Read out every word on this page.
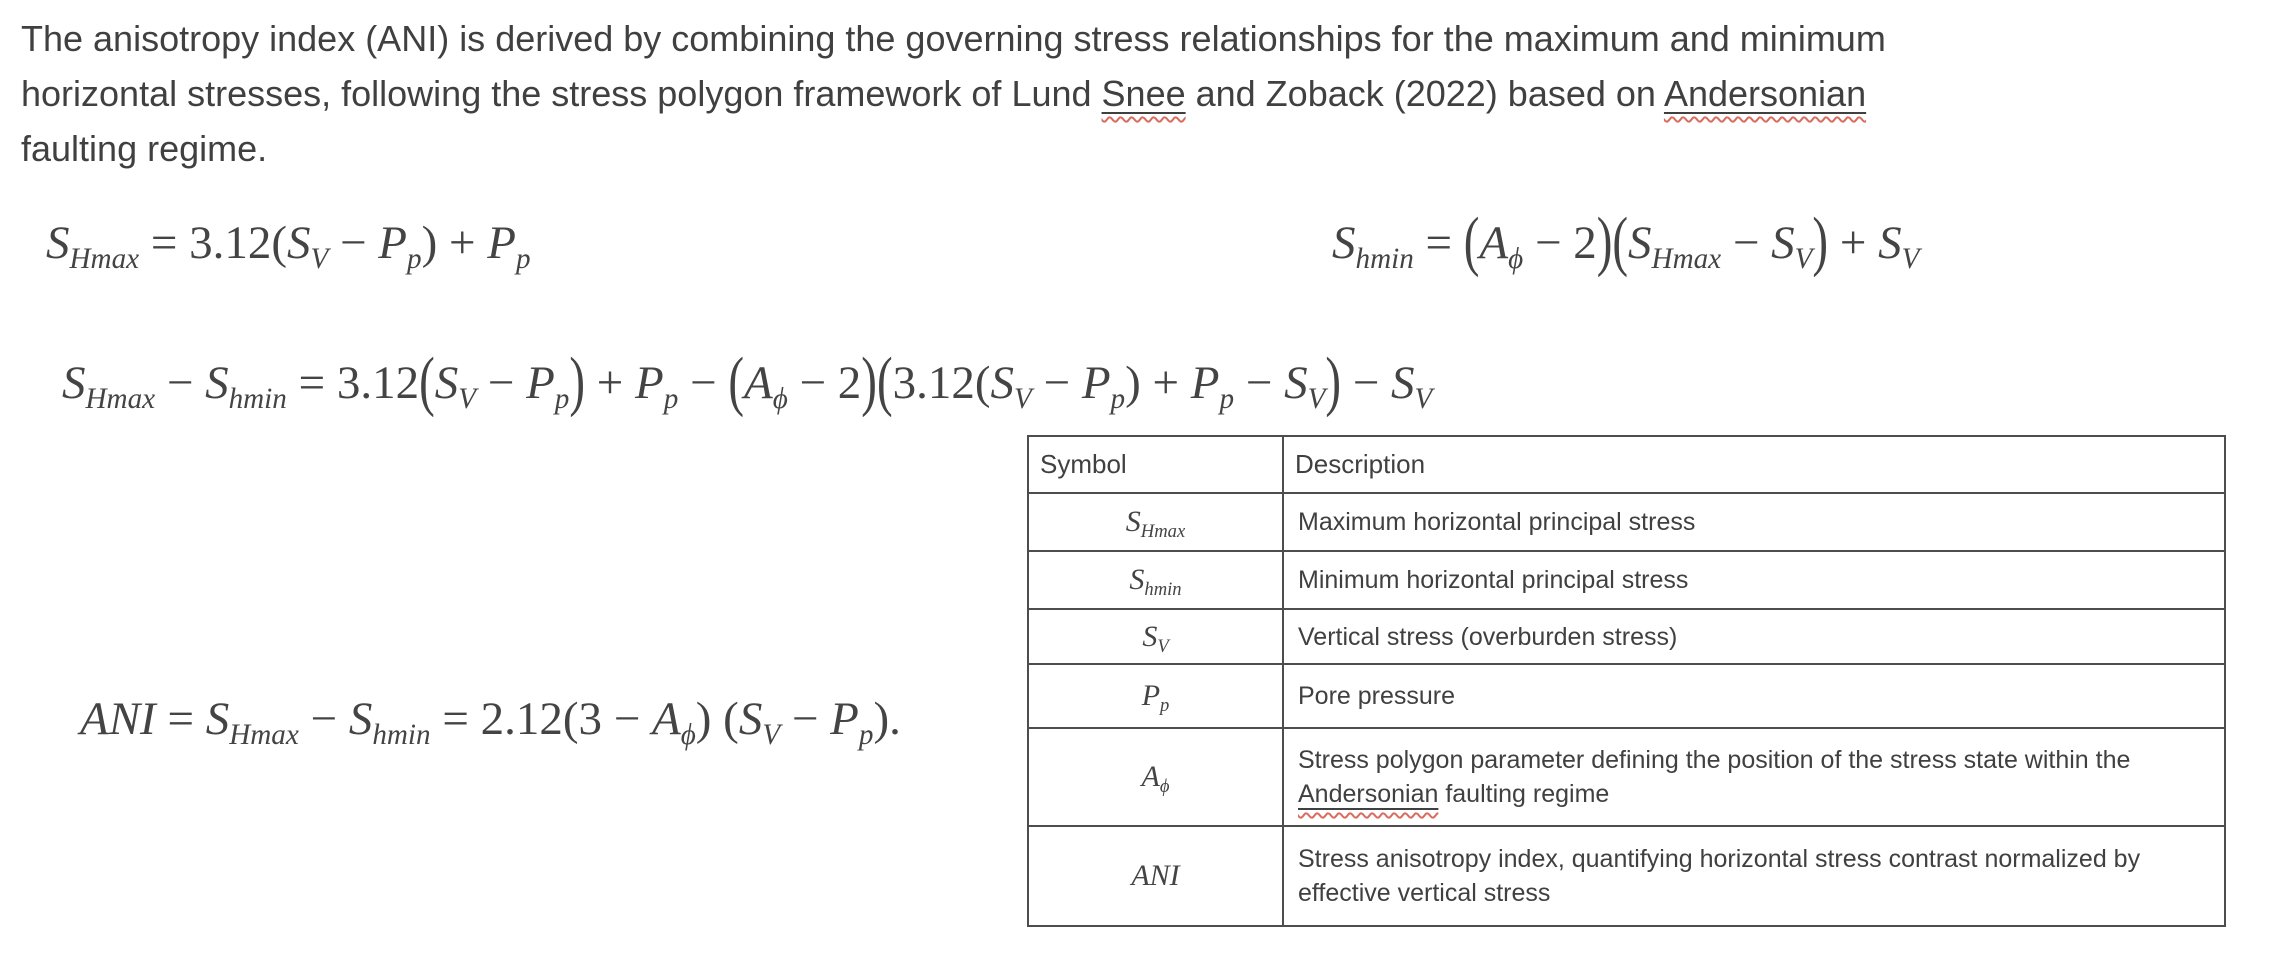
The anisotropy index (ANI) is derived by combining the governing stress relationships for the maximum and minimum
horizontal stresses, following the stress polygon framework of Lund Snee and Zoback (2022) based on Andersonian
faulting regime.
$S_{Hmax} = 3.12(S_V - P_p) + P_p$	$S_{hmin} = (A_\phi - 2)(S_{Hmax} - S_V) + S_V$
$S_{Hmax} - S_{hmin} = 3.12(S_V - P_p) + P_p - (A_\phi - 2)(3.12(S_V - P_p) + P_p - S_V) - S_V$
ANI = $S_{Hmax} - S_{hmin} = 2.12(3 - A_\phi) (S_V - P_p)$.
Symbol	Description
$S_{Hmax}$	Maximum horizontal principal stress
$S_{hmin}$	Minimum horizontal principal stress
$S_V$	Vertical stress (overburden stress)
$P_p$	Pore pressure
$A_\phi$	Stress polygon parameter defining the position of the stress state within the Andersonian faulting regime
ANI	Stress anisotropy index, quantifying horizontal stress contrast normalized by effective vertical stress
